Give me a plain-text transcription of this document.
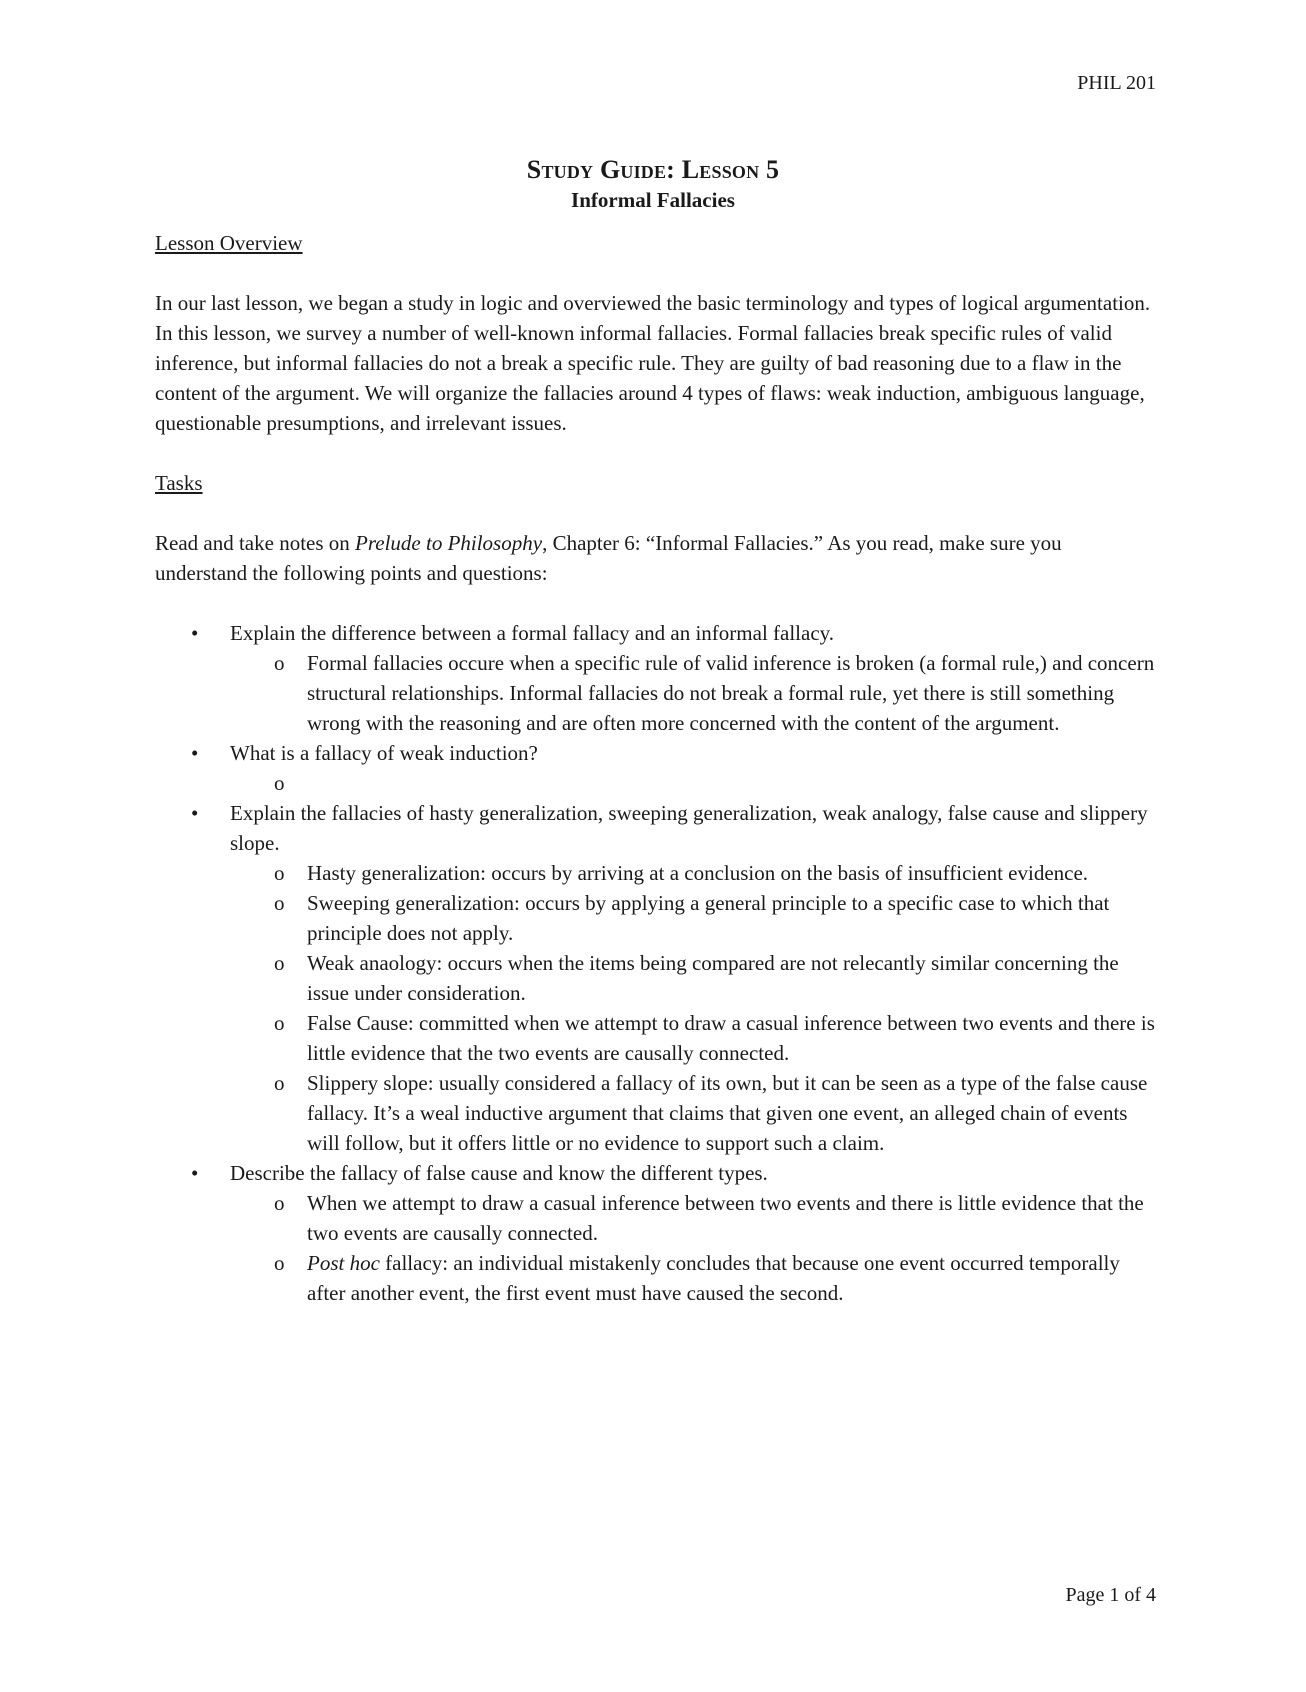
PHIL 201
Study Guide: Lesson 5
Informal Fallacies

Lesson Overview

In our last lesson, we began a study in logic and overviewed the basic terminology and types of logical argumentation. In this lesson, we survey a number of well-known informal fallacies. Formal fallacies break specific rules of valid inference, but informal fallacies do not a break a specific rule. They are guilty of bad reasoning due to a flaw in the content of the argument. We will organize the fallacies around 4 types of flaws: weak induction, ambiguous language, questionable presumptions, and irrelevant issues.

Tasks

Read and take notes on Prelude to Philosophy, Chapter 6: “Informal Fallacies.” As you read, make sure you understand the following points and questions:

• Explain the difference between a formal fallacy and an informal fallacy.
o Formal fallacies occure when a specific rule of valid inference is broken (a formal rule,) and concern structural relationships. Informal fallacies do not break a formal rule, yet there is still something wrong with the reasoning and are often more concerned with the content of the argument.
• What is a fallacy of weak induction?
o
• Explain the fallacies of hasty generalization, sweeping generalization, weak analogy, false cause and slippery slope.
o Hasty generalization: occurs by arriving at a conclusion on the basis of insufficient evidence.
o Sweeping generalization: occurs by applying a general principle to a specific case to which that principle does not apply.
o Weak anaology: occurs when the items being compared are not relecantly similar concerning the issue under consideration.
o False Cause: committed when we attempt to draw a casual inference between two events and there is little evidence that the two events are causally connected.
o Slippery slope: usually considered a fallacy of its own, but it can be seen as a type of the false cause fallacy. It’s a weal inductive argument that claims that given one event, an alleged chain of events will follow, but it offers little or no evidence to support such a claim.
• Describe the fallacy of false cause and know the different types.
o When we attempt to draw a casual inference between two events and there is little evidence that the two events are causally connected.
o Post hoc fallacy: an individual mistakenly concludes that because one event occurred temporally after another event, the first event must have caused the second.
Page 1 of 4
